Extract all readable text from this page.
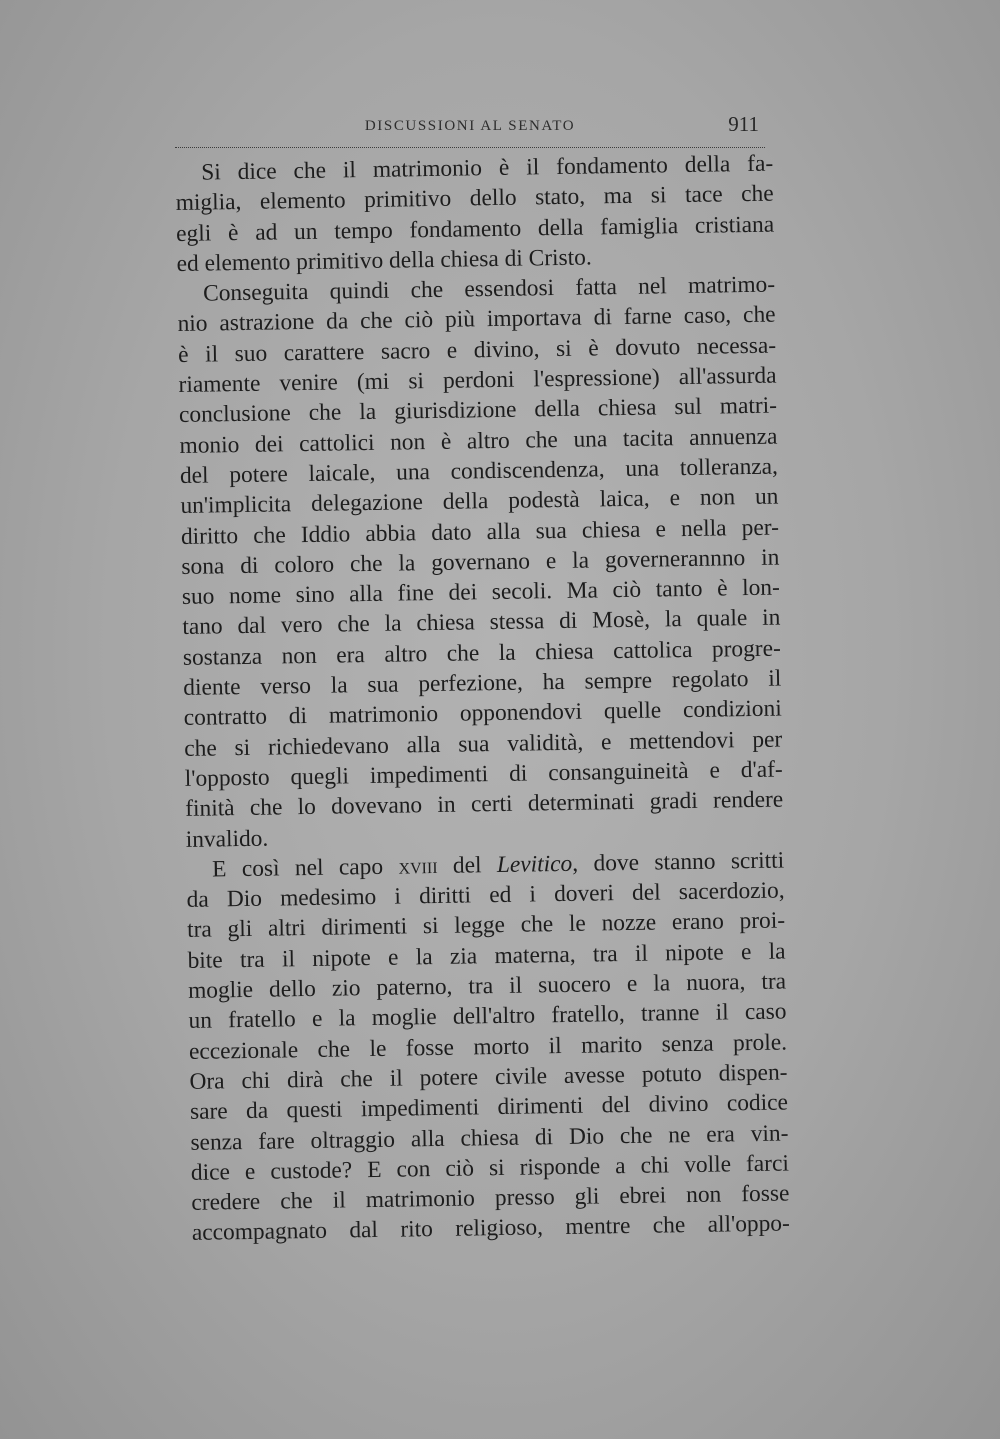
DISCUSSIONI AL SENATO	911

Si dice che il matrimonio è il fondamento della fa-
miglia, elemento primitivo dello stato, ma si tace che
egli è ad un tempo fondamento della famiglia cristiana
ed elemento primitivo della chiesa di Cristo.

Conseguita quindi che essendosi fatta nel matrimo-
nio astrazione da che ciò più importava di farne caso, che
è il suo carattere sacro e divino, si è dovuto necessa-
riamente venire (mi si perdoni l'espressione) all'assurda
conclusione che la giurisdizione della chiesa sul matri-
monio dei cattolici non è altro che una tacita annuenza
del potere laicale, una condiscendenza, una tolleranza,
un'implicita delegazione della podestà laica, e non un
diritto che Iddio abbia dato alla sua chiesa e nella per-
sona di coloro che la governano e la governerannno in
suo nome sino alla fine dei secoli. Ma ciò tanto è lon-
tano dal vero che la chiesa stessa di Mosè, la quale in
sostanza non era altro che la chiesa cattolica progre-
diente verso la sua perfezione, ha sempre regolato il
contratto di matrimonio opponendovi quelle condizioni
che si richiedevano alla sua validità, e mettendovi per
l'opposto quegli impedimenti di consanguineità e d'af-
finità che lo dovevano in certi determinati gradi rendere
invalido.

E così nel capo xviii del Levitico, dove stanno scritti
da Dio medesimo i diritti ed i doveri del sacerdozio,
tra gli altri dirimenti si legge che le nozze erano proi-
bite tra il nipote e la zia materna, tra il nipote e la
moglie dello zio paterno, tra il suocero e la nuora, tra
un fratello e la moglie dell'altro fratello, tranne il caso
eccezionale che le fosse morto il marito senza prole.
Ora chi dirà che il potere civile avesse potuto dispen-
sare da questi impedimenti dirimenti del divino codice
senza fare oltraggio alla chiesa di Dio che ne era vin-
dice e custode? E con ciò si risponde a chi volle farci
credere che il matrimonio presso gli ebrei non fosse
accompagnato dal rito religioso, mentre che all'oppo-
